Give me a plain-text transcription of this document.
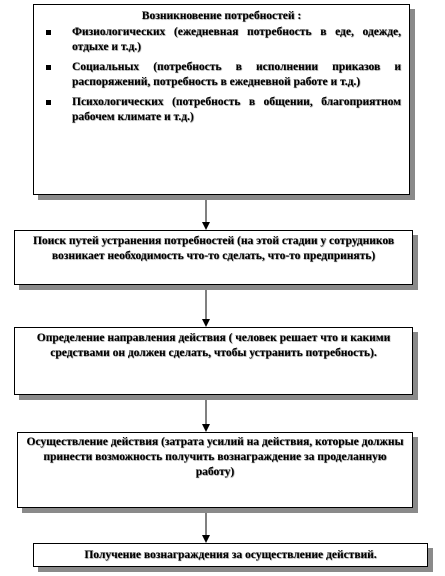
Возникновение потребностей :
Физиологических (ежедневная потребность в еде, одежде, отдыхе и т.д.)
Социальных (потребность в исполнении приказов и распоряжений, потребность в ежедневной работе и т.д.)
Психологических (потребность в общении, благоприятном рабочем климате и т.д.)
Поиск путей устранения потребностей (на этой стадии у сотрудников возникает необходимость что-то сделать, что-то предпринять)
Определение направления действия ( человек решает что и какими средствами он должен сделать, чтобы устранить потребность).
Осуществление действия (затрата усилий на действия, которые должны принести возможность получить вознаграждение за проделанную работу)
Получение вознаграждения за осуществление действий.
